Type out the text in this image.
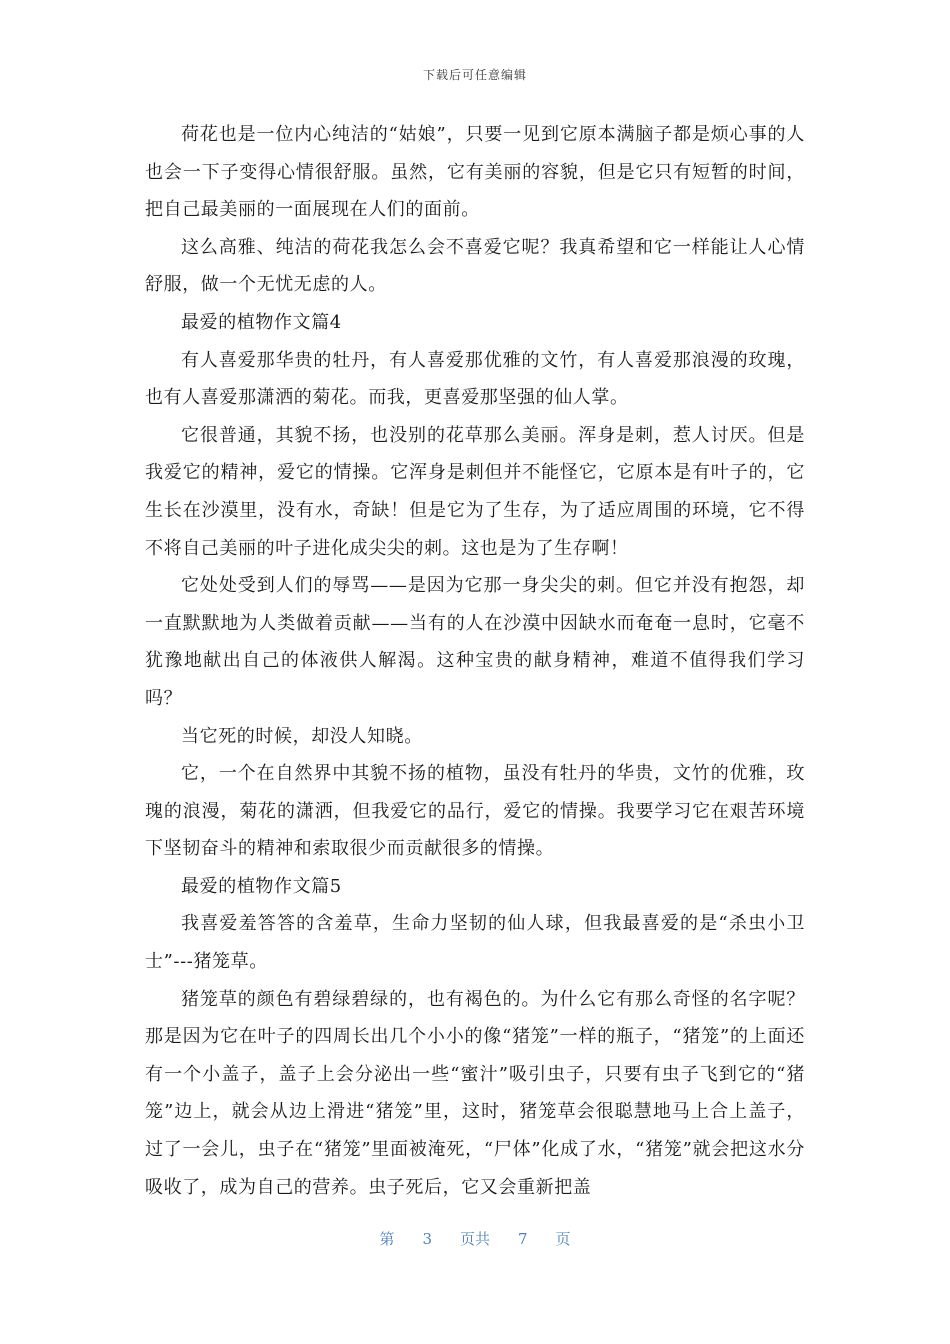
下载后可任意编辑

荷花也是一位内心纯洁的“姑娘”，只要一见到它原本满脑子都是烦心事的人也会一下子变得心情很舒服。虽然，它有美丽的容貌，但是它只有短暂的时间，把自己最美丽的一面展现在人们的面前。

这么高雅、纯洁的荷花我怎么会不喜爱它呢？我真希望和它一样能让人心情舒服，做一个无忧无虑的人。

最爱的植物作文篇4

有人喜爱那华贵的牡丹，有人喜爱那优雅的文竹，有人喜爱那浪漫的玫瑰，也有人喜爱那潇洒的菊花。而我，更喜爱那坚强的仙人掌。

它很普通，其貌不扬，也没别的花草那么美丽。浑身是刺，惹人讨厌。但是我爱它的精神，爱它的情操。它浑身是刺但并不能怪它，它原本是有叶子的，它生长在沙漠里，没有水，奇缺！但是它为了生存，为了适应周围的环境，它不得不将自己美丽的叶子进化成尖尖的刺。这也是为了生存啊！

它处处受到人们的辱骂——是因为它那一身尖尖的刺。但它并没有抱怨，却一直默默地为人类做着贡献——当有的人在沙漠中因缺水而奄奄一息时，它毫不犹豫地献出自己的体液供人解渴。这种宝贵的献身精神，难道不值得我们学习吗？

当它死的时候，却没人知晓。

它，一个在自然界中其貌不扬的植物，虽没有牡丹的华贵，文竹的优雅，玫瑰的浪漫，菊花的潇洒，但我爱它的品行，爱它的情操。我要学习它在艰苦环境下坚韧奋斗的精神和索取很少而贡献很多的情操。

最爱的植物作文篇5

我喜爱羞答答的含羞草，生命力坚韧的仙人球，但我最喜爱的是“杀虫小卫士”---猪笼草。

猪笼草的颜色有碧绿碧绿的，也有褐色的。为什么它有那么奇怪的名字呢？那是因为它在叶子的四周长出几个小小的像“猪笼”一样的瓶子，“猪笼”的上面还有一个小盖子，盖子上会分泌出一些“蜜汁”吸引虫子，只要有虫子飞到它的“猪笼”边上，就会从边上滑进“猪笼”里，这时，猪笼草会很聪慧地马上合上盖子，过了一会儿，虫子在“猪笼”里面被淹死，“尸体”化成了水，“猪笼”就会把这水分吸收了，成为自己的营养。虫子死后，它又会重新把盖

第 3 页共 7 页
